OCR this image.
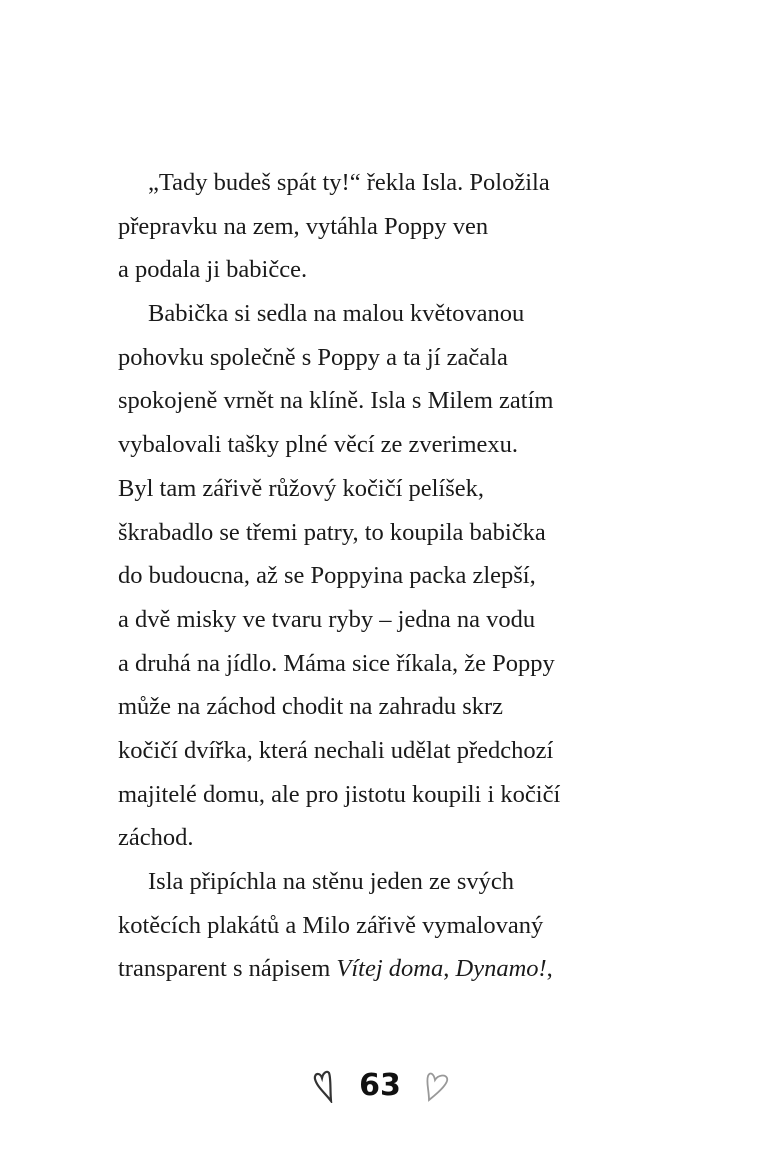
„Tady budeš spát ty!“ řekla Isla. Položila
přepravku na zem, vytáhla Poppy ven
a podala ji babičce.
Babička si sedla na malou květovanou
pohovku společně s Poppy a ta jí začala
spokojeně vrnět na klíně. Isla s Milem zatím
vybalovali tašky plné věcí ze zverimexu.
Byl tam zářivě růžový kočičí pelíšek,
škrabadlo se třemi patry, to koupila babička
do budoucna, až se Poppyina packa zlepší,
a dvě misky ve tvaru ryby – jedna na vodu
a druhá na jídlo. Máma sice říkala, že Poppy
může na záchod chodit na zahradu skrz
kočičí dvířka, která nechali udělat předchozí
majitelé domu, ale pro jistotu koupili i kočičí
záchod.
Isla připíchla na stěnu jeden ze svých
kotěcích plakátů a Milo zářivě vymalovaný
transparent s nápisem Vítej doma, Dynamo!,
63
